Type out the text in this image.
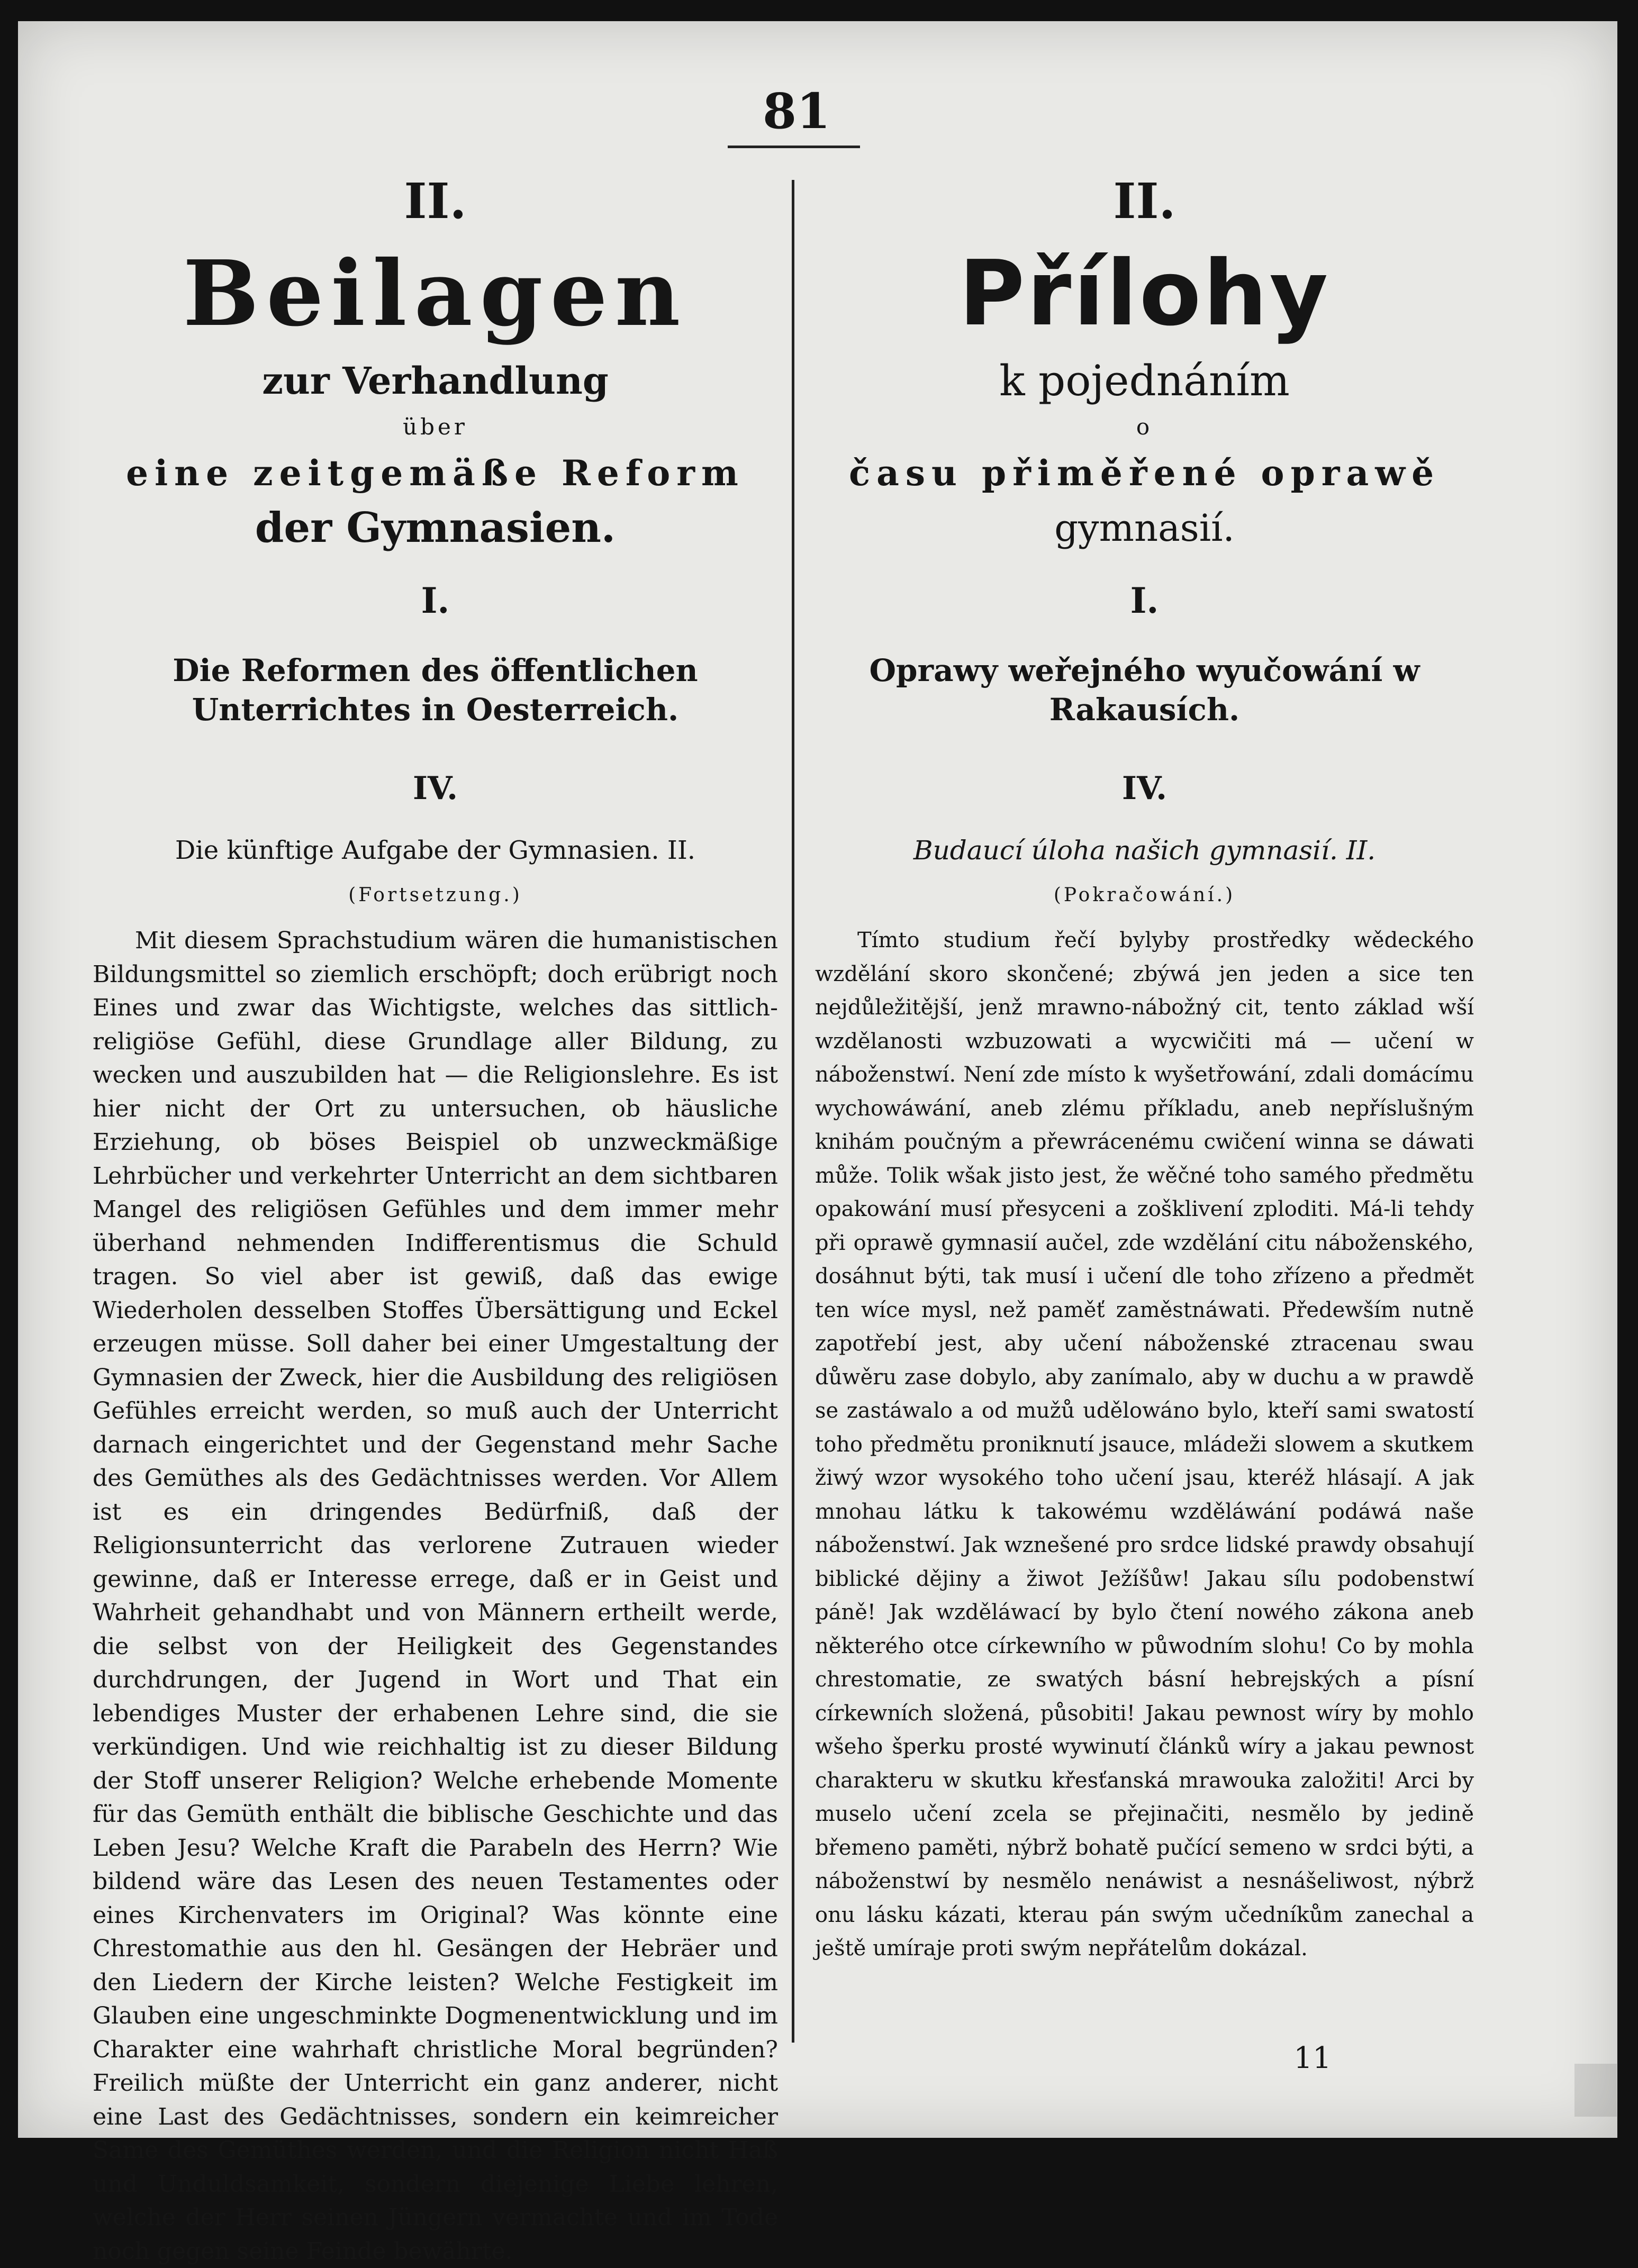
81
II.
Beilagen
zur Verhandlung
über
eine zeitgemäße Reform
der Gymnasien.
I.
Die Reformen des öffentlichen Unterrichtes in Oesterreich.
IV.
Die künftige Aufgabe der Gymnasien. II.
(Fortsetzung.)
Mit diesem Sprachstudium wären die humanistischen Bildungsmittel so ziemlich erschöpft; doch erübrigt noch Eines und zwar das Wichtigste, welches das sittlich-religiöse Gefühl, diese Grundlage aller Bildung, zu wecken und auszubilden hat — die Religionslehre. Es ist hier nicht der Ort zu untersuchen, ob häusliche Erziehung, ob böses Beispiel ob unzweckmäßige Lehrbücher und verkehrter Unterricht an dem sichtbaren Mangel des religiösen Gefühles und dem immer mehr überhand nehmenden Indifferentismus die Schuld tragen. So viel aber ist gewiß, daß das ewige Wiederholen desselben Stoffes Übersättigung und Eckel erzeugen müsse. Soll daher bei einer Umgestaltung der Gymnasien der Zweck, hier die Ausbildung des religiösen Gefühles erreicht werden, so muß auch der Unterricht darnach eingerichtet und der Gegenstand mehr Sache des Gemüthes als des Gedächtnisses werden. Vor Allem ist es ein dringendes Bedürfniß, daß der Religionsunterricht das verlorene Zutrauen wieder gewinne, daß er Interesse errege, daß er in Geist und Wahrheit gehandhabt und von Männern ertheilt werde, die selbst von der Heiligkeit des Gegenstandes durchdrungen, der Jugend in Wort und That ein lebendiges Muster der erhabenen Lehre sind, die sie verkündigen. Und wie reichhaltig ist zu dieser Bildung der Stoff unserer Religion? Welche erhebende Momente für das Gemüth enthält die biblische Geschichte und das Leben Jesu? Welche Kraft die Parabeln des Herrn? Wie bildend wäre das Lesen des neuen Testamentes oder eines Kirchenvaters im Original? Was könnte eine Chrestomathie aus den hl. Gesängen der Hebräer und den Liedern der Kirche leisten? Welche Festigkeit im Glauben eine ungeschminkte Dogmenentwicklung und im Charakter eine wahrhaft christliche Moral begründen? Freilich müßte der Unterricht ein ganz anderer, nicht eine Last des Gedächtnisses, sondern ein keimreicher Same des Gemüthes werden, und die Religion nicht Haß und Unduldsamkeit, sondern diejenige Liebe lehren, welche der Herr seinen Jüngern vermachte und im Tode noch gegen seine Feinde bewährte.
II.
Přílohy
k pojednáním
o
času přiměřené oprawě
gymnasií.
I.
Oprawy weřejného wyučowání w Rakausích.
IV.
Budaucí úloha našich gymnasií. II.
(Pokračowání.)
Tímto studium řečí bylyby prostředky wědeckého wzdělání skoro skončené; zbýwá jen jeden a sice ten nejdůležitější, jenž mrawno-nábožný cit, tento základ wší wzdělanosti wzbuzowati a wycwičiti má — učení w náboženstwí. Není zde místo k wyšetřowání, zdali domácímu wychowáwání, aneb zlému příkladu, aneb nepříslušným knihám poučným a přewrácenému cwičení winna se dáwati může. Tolik wšak jisto jest, že wěčné toho samého předmětu opakowání musí přesyceni a zošklivení zploditi. Má-li tehdy při oprawě gymnasií aučel, zde wzdělání citu náboženského, dosáhnut býti, tak musí i učení dle toho zřízeno a předmět ten wíce mysl, než paměť zaměstnáwati. Předewším nutně zapotřebí jest, aby učení náboženské ztracenau swau důwěru zase dobylo, aby zanímalo, aby w duchu a w prawdě se zastáwalo a od mužů udělowáno bylo, kteří sami swatostí toho předmětu proniknutí jsauce, mládeži slowem a skutkem žiwý wzor wysokého toho učení jsau, kteréž hlásají. A jak mnohau látku k takowému wzděláwání podáwá naše náboženstwí. Jak wznešené pro srdce lidské prawdy obsahují biblické dějiny a žiwot Ježíšůw! Jakau sílu podobenstwí páně! Jak wzděláwací by bylo čtení nowého zákona aneb některého otce církewního w půwodním slohu! Co by mohla chrestomatie, ze swatých básní hebrejských a písní církewních složená, působiti! Jakau pewnost wíry by mohlo wšeho šperku prosté wywinutí článků wíry a jakau pewnost charakteru w skutku křesťanská mrawouka založiti! Arci by muselo učení zcela se přejinačiti, nesmělo by jedině břemeno paměti, nýbrž bohatě pučící semeno w srdci býti, a náboženstwí by nesmělo nenáwist a nesnášeliwost, nýbrž onu lásku kázati, kterau pán swým učedníkům zanechal a ještě umíraje proti swým nepřátelům dokázal.
11
